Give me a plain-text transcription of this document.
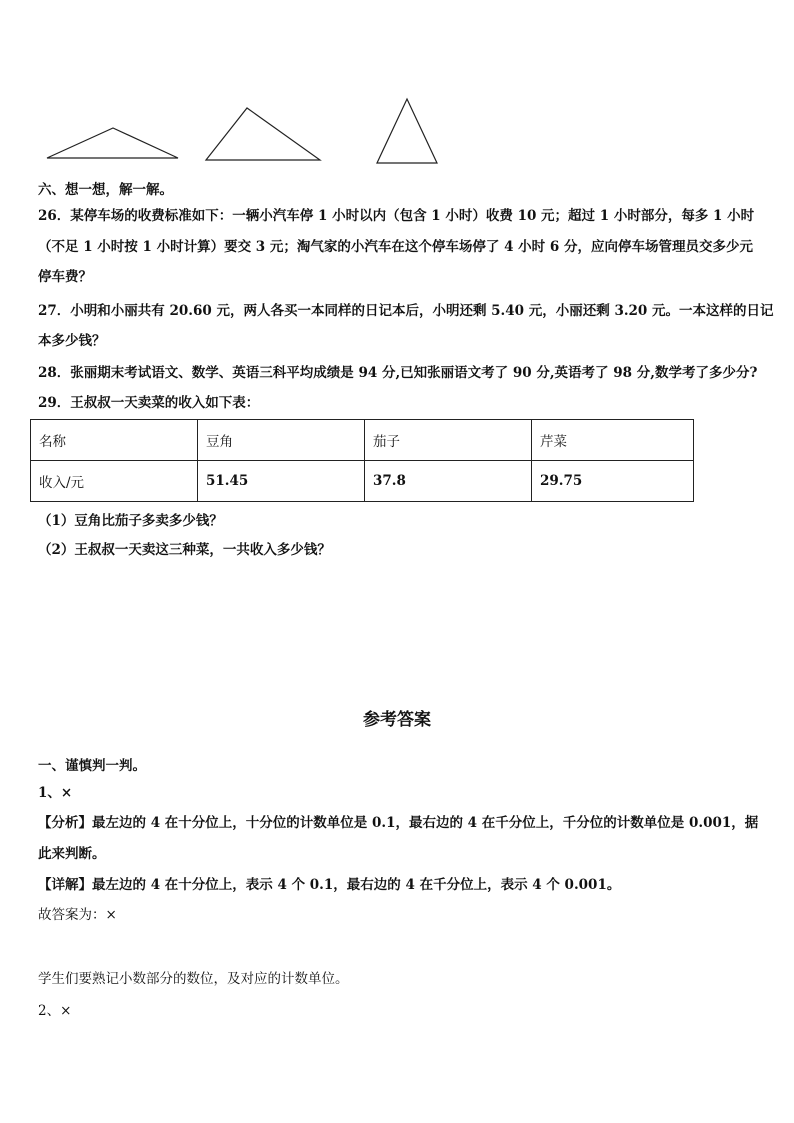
六、想一想，解一解。
26．某停车场的收费标准如下：一辆小汽车停 1 小时以内（包含 1 小时）收费 10 元；超过 1 小时部分，每多 1 小时
（不足 1 小时按 1 小时计算）要交 3 元；淘气家的小汽车在这个停车场停了 4 小时 6 分，应向停车场管理员交多少元
停车费？
27．小明和小丽共有 20.60 元，两人各买一本同样的日记本后，小明还剩 5.40 元，小丽还剩 3.20 元。一本这样的日记
本多少钱？
28．张丽期末考试语文、数学、英语三科平均成绩是 94 分,已知张丽语文考了 90 分,英语考了 98 分,数学考了多少分?
29．王叔叔一天卖菜的收入如下表：
名称	豆角	茄子	芹菜
收入/元	51.45	37.8	29.75
（1）豆角比茄子多卖多少钱？
（2）王叔叔一天卖这三种菜，一共收入多少钱？
参考答案
一、谨慎判一判。
1、×
【分析】最左边的 4 在十分位上，十分位的计数单位是 0.1，最右边的 4 在千分位上，千分位的计数单位是 0.001，据
此来判断。
【详解】最左边的 4 在十分位上，表示 4 个 0.1，最右边的 4 在千分位上，表示 4 个 0.001。
故答案为：×
学生们要熟记小数部分的数位，及对应的计数单位。
2、×
